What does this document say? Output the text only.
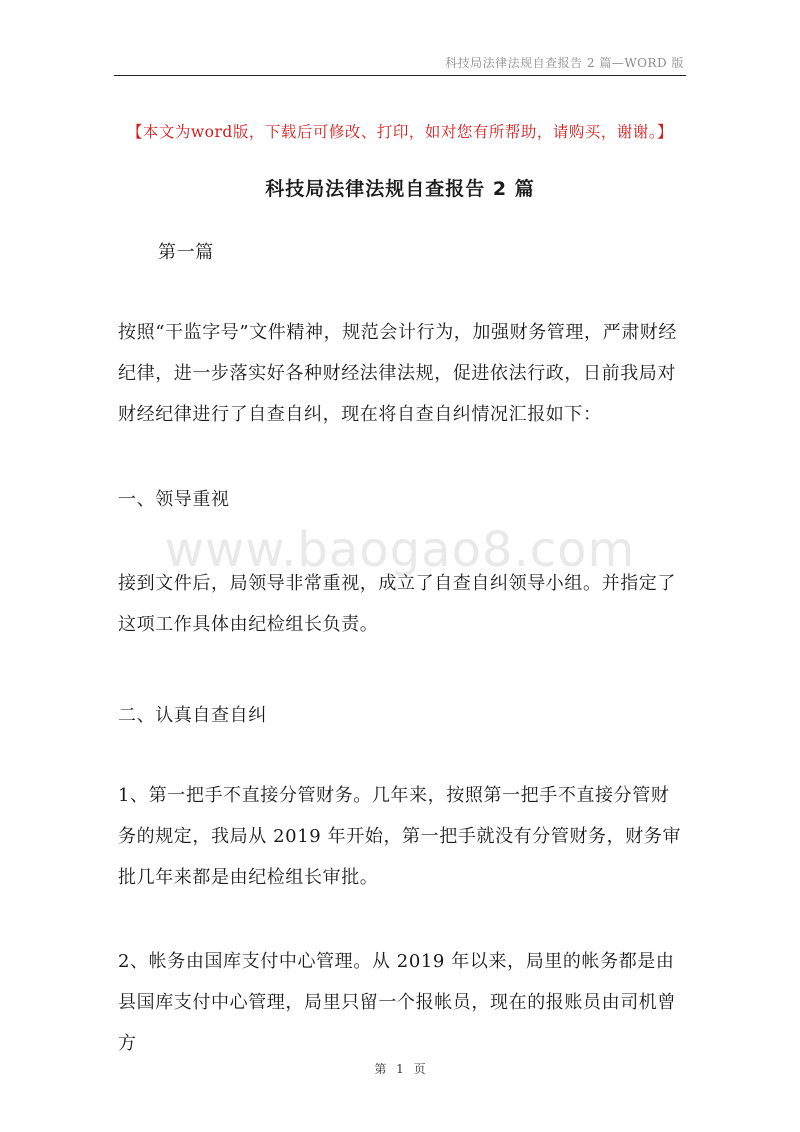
科技局法律法规自查报告 2 篇—WORD 版
【本文为word版，下载后可修改、打印，如对您有所帮助，请购买，谢谢。】
科技局法律法规自查报告 2 篇

第一篇

按照“干监字号”文件精神，规范会计行为，加强财务管理，严肃财经纪律，进一步落实好各种财经法律法规，促进依法行政，日前我局对财经纪律进行了自查自纠，现在将自查自纠情况汇报如下：

一、领导重视

www.baogao8.com

接到文件后，局领导非常重视，成立了自查自纠领导小组。并指定了这项工作具体由纪检组长负责。

二、认真自查自纠

1、第一把手不直接分管财务。几年来，按照第一把手不直接分管财务的规定，我局从 2019 年开始，第一把手就没有分管财务，财务审批几年来都是由纪检组长审批。

2、帐务由国库支付中心管理。从 2019 年以来，局里的帐务都是由县国库支付中心管理，局里只留一个报帐员，现在的报账员由司机曾方

第 1 页
